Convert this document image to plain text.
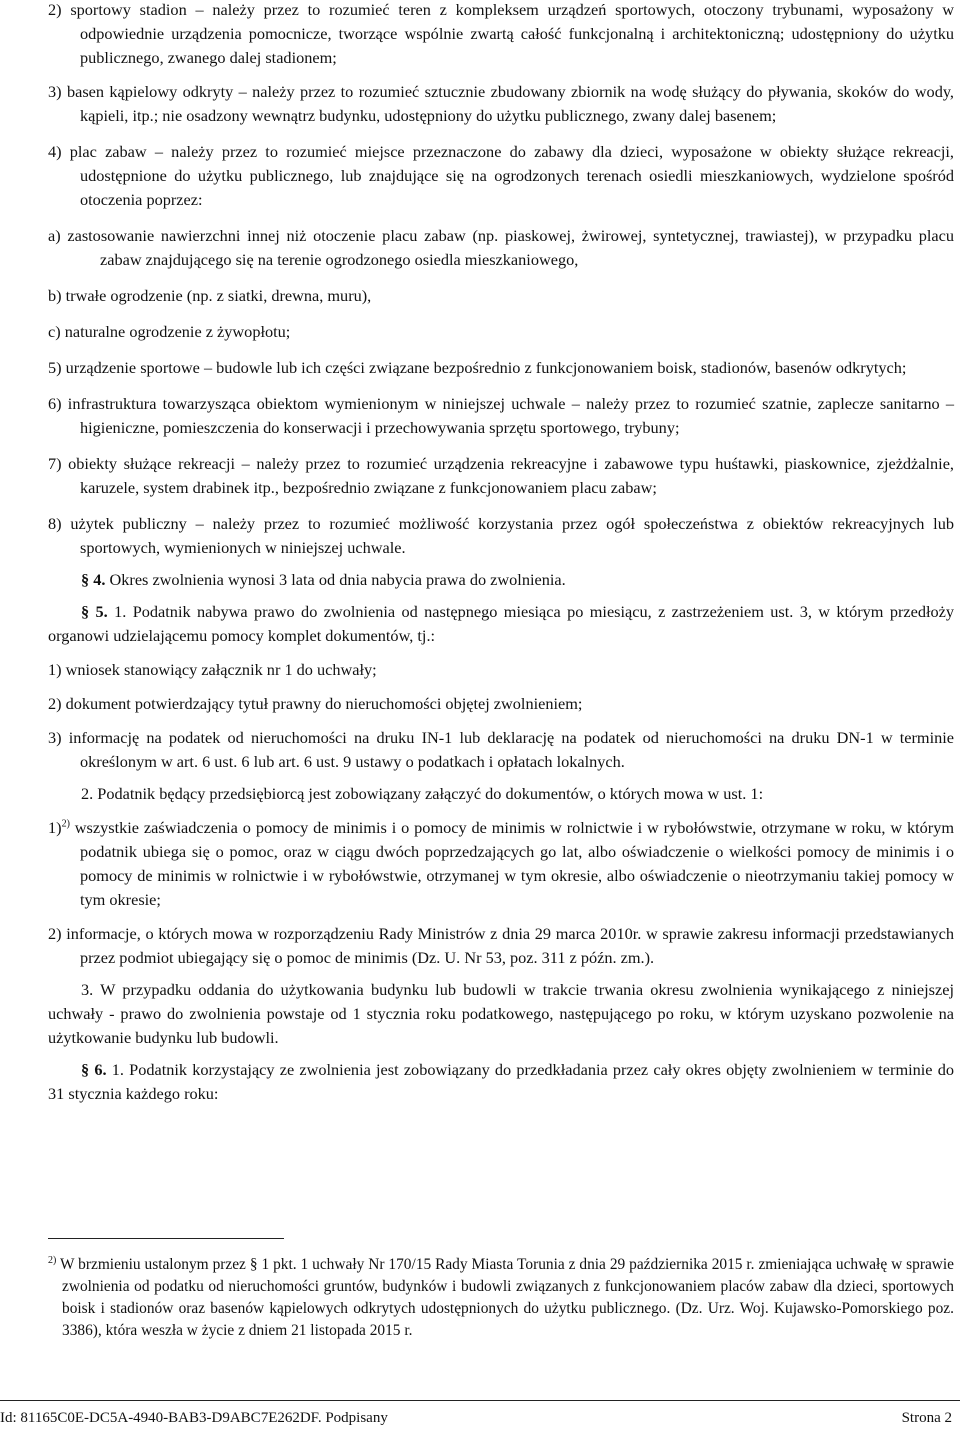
2) sportowy stadion – należy przez to rozumieć teren z kompleksem urządzeń sportowych, otoczony trybunami, wyposażony w odpowiednie urządzenia pomocnicze, tworzące wspólnie zwartą całość funkcjonalną i architektoniczną; udostępniony do użytku publicznego, zwanego dalej stadionem;

3) basen kąpielowy odkryty – należy przez to rozumieć sztucznie zbudowany zbiornik na wodę służący do pływania, skoków do wody, kąpieli, itp.; nie osadzony wewnątrz budynku, udostępniony do użytku publicznego, zwany dalej basenem;

4) plac zabaw – należy przez to rozumieć miejsce przeznaczone do zabawy dla dzieci, wyposażone w obiekty służące rekreacji, udostępnione do użytku publicznego, lub znajdujące się na ogrodzonych terenach osiedli mieszkaniowych, wydzielone spośród otoczenia poprzez:

a) zastosowanie nawierzchni innej niż otoczenie placu zabaw (np. piaskowej, żwirowej, syntetycznej, trawiastej), w przypadku placu zabaw znajdującego się na terenie ogrodzonego osiedla mieszkaniowego,

b) trwałe ogrodzenie (np. z siatki, drewna, muru),

c) naturalne ogrodzenie z żywopłotu;

5) urządzenie sportowe – budowle lub ich części związane bezpośrednio z funkcjonowaniem boisk, stadionów, basenów odkrytych;

6) infrastruktura towarzysząca obiektom wymienionym w niniejszej uchwale – należy przez to rozumieć szatnie, zaplecze sanitarno – higieniczne, pomieszczenia do konserwacji i przechowywania sprzętu sportowego, trybuny;

7) obiekty służące rekreacji – należy przez to rozumieć urządzenia rekreacyjne i zabawowe typu huśtawki, piaskownice, zjeżdżalnie, karuzele, system drabinek itp., bezpośrednio związane z funkcjonowaniem placu zabaw;

8) użytek publiczny – należy przez to rozumieć możliwość korzystania przez ogół społeczeństwa z obiektów rekreacyjnych lub sportowych, wymienionych w niniejszej uchwale.

§ 4. Okres zwolnienia wynosi 3 lata od dnia nabycia prawa do zwolnienia.

§ 5. 1. Podatnik nabywa prawo do zwolnienia od następnego miesiąca po miesiącu, z zastrzeżeniem ust. 3, w którym przedłoży organowi udzielającemu pomocy komplet dokumentów, tj.:

1) wniosek stanowiący załącznik nr 1 do uchwały;

2) dokument potwierdzający tytuł prawny do nieruchomości objętej zwolnieniem;

3) informację na podatek od nieruchomości na druku IN-1 lub deklarację na podatek od nieruchomości na druku DN-1 w terminie określonym w art. 6 ust. 6 lub art. 6 ust. 9 ustawy o podatkach i opłatach lokalnych.

2. Podatnik będący przedsiębiorcą jest zobowiązany załączyć do dokumentów, o których mowa w ust. 1:

1)$^{2)}$ wszystkie zaświadczenia o pomocy de minimis i o pomocy de minimis w rolnictwie i w rybołówstwie, otrzymane w roku, w którym podatnik ubiega się o pomoc, oraz w ciągu dwóch poprzedzających go lat, albo oświadczenie o wielkości pomocy de minimis i o pomocy de minimis w rolnictwie i w rybołówstwie, otrzymanej w tym okresie, albo oświadczenie o nieotrzymaniu takiej pomocy w tym okresie;

2) informacje, o których mowa w rozporządzeniu Rady Ministrów z dnia 29 marca 2010r. w sprawie zakresu informacji przedstawianych przez podmiot ubiegający się o pomoc de minimis (Dz. U. Nr 53, poz. 311 z późn. zm.).

3. W przypadku oddania do użytkowania budynku lub budowli w trakcie trwania okresu zwolnienia wynikającego z niniejszej uchwały - prawo do zwolnienia powstaje od 1 stycznia roku podatkowego, następującego po roku, w którym uzyskano pozwolenie na użytkowanie budynku lub budowli.

§ 6. 1. Podatnik korzystający ze zwolnienia jest zobowiązany do przedkładania przez cały okres objęty zwolnieniem w terminie do 31 stycznia każdego roku:

$^{2)}$ W brzmieniu ustalonym przez § 1 pkt. 1 uchwały Nr 170/15 Rady Miasta Torunia z dnia 29 października 2015 r. zmieniająca uchwałę w sprawie zwolnienia od podatku od nieruchomości gruntów, budynków i budowli związanych z funkcjonowaniem placów zabaw dla dzieci, sportowych boisk i stadionów oraz basenów kąpielowych odkrytych udostępnionych do użytku publicznego. (Dz. Urz. Woj. Kujawsko-Pomorskiego poz. 3386), która weszła w życie z dniem 21 listopada 2015 r.

Id: 81165C0E-DC5A-4940-BAB3-D9ABC7E262DF. Podpisany	Strona 2
